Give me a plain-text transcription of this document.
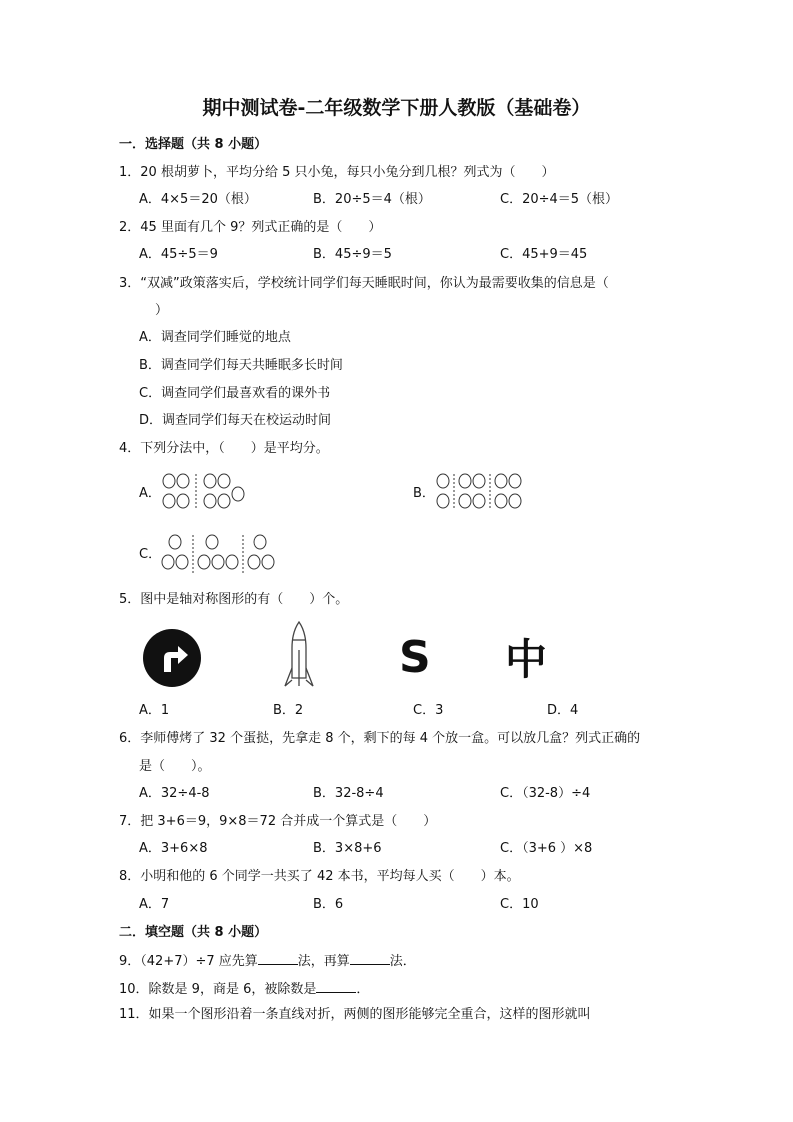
期中测试卷-二年级数学下册人教版（基础卷）
一．选择题（共 8 小题）
1．20 根胡萝卜，平均分给 5 只小兔，每只小兔分到几根？列式为（　　）
A．4×5＝20（根）	B．20÷5＝4（根）	C．20÷4＝5（根）
2．45 里面有几个 9？列式正确的是（　　）
A．45÷5＝9	B．45÷9＝5	C．45+9＝45
3．“双减”政策落实后，学校统计同学们每天睡眠时间，你认为最需要收集的信息是（
）
A．调查同学们睡觉的地点
B．调查同学们每天共睡眠多长时间
C．调查同学们最喜欢看的课外书
D．调查同学们每天在校运动时间
4．下列分法中，（　　）是平均分。
A．	B．
C．
5．图中是轴对称图形的有（　　）个。
S 中
A．1	B．2	C．3	D．4
6．李师傅烤了 32 个蛋挞，先拿走 8 个，剩下的每 4 个放一盒。可以放几盒？列式正确的
是（　　）。
A．32÷4-8	B．32-8÷4	C．（32-8）÷4
7．把 3+6＝9，9×8＝72 合并成一个算式是（　　）
A．3+6×8	B．3×8+6	C．（3+6 ）×8
8．小明和他的 6 个同学一共买了 42 本书，平均每人买（　　）本。
A．7	B．6	C．10
二．填空题（共 8 小题）
9．（42+7）÷7 应先算	法，再算	法．
10．除数是 9，商是 6，被除数是	．
11．如果一个图形沿着一条直线对折，两侧的图形能够完全重合，这样的图形就叫
